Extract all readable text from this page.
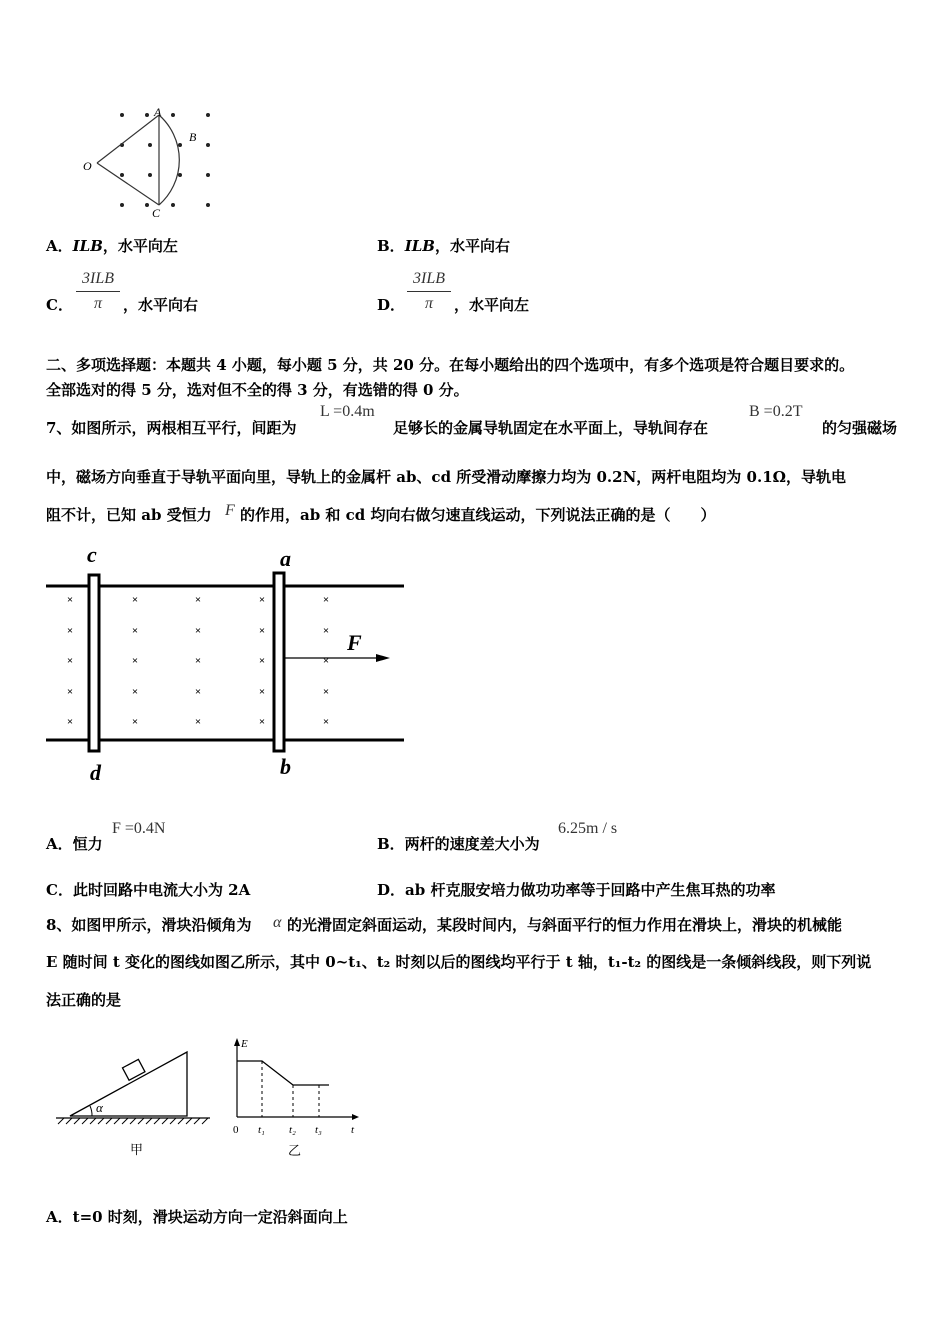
A
B
O
C
A．ILB，水平向左	B．ILB，水平向右
C．
3ILB
π	，水平向右	D．
3ILB
π	，水平向左
二、多项选择题：本题共 4 小题，每小题 5 分，共 20 分。在每小题给出的四个选项中，有多个选项是符合题目要求的。
全部选对的得 5 分，选对但不全的得 3 分，有选错的得 0 分。
7、如图所示，两根相互平行，间距为
L =0.4m
足够长的金属导轨固定在水平面上，导轨间存在
B =0.2T
的匀强磁场
中，磁场方向垂直于导轨平面向里，导轨上的金属杆 ab、cd 所受滑动摩擦力均为 0.2N，两杆电阻均为 0.1Ω，导轨电
阻不计，已知 ab 受恒力 F 的作用，ab 和 cd 均向右做匀速直线运动，下列说法正确的是（　　）
×	×	×	×	×
×	×	×	×	×
×	×	×	×	×
×	×	×	×	×
×	×	×	×	×
c	a
d	b
F
A．恒力
F =0.4N
B．两杆的速度差大小为
6.25m / s
C．此时回路中电流大小为 2A	D．ab 杆克服安培力做功功率等于回路中产生焦耳热的功率
8、如图甲所示，滑块沿倾角为 α 的光滑固定斜面运动，某段时间内，与斜面平行的恒力作用在滑块上，滑块的机械能
E 随时间 t 变化的图线如图乙所示，其中 0~t₁、t₂ 时刻以后的图线均平行于 t 轴，t₁-t₂ 的图线是一条倾斜线段，则下列说
法正确的是
α
甲
E
t
t₁ t₂ t₃
0
乙
A．t=0 时刻，滑块运动方向一定沿斜面向上
